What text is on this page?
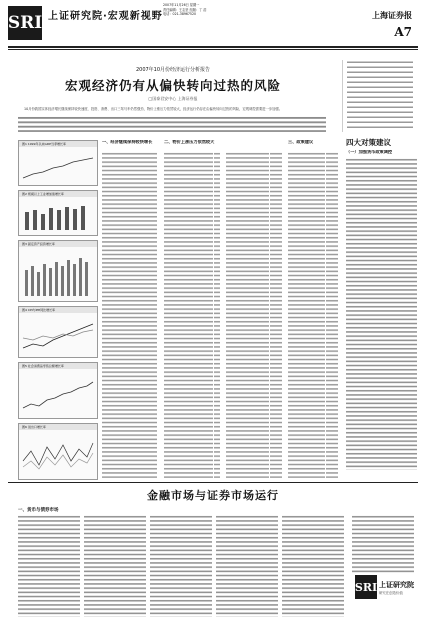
SRI 上证研究院·宏观新视野
2007年11月26日 星期一
责任编辑：王志坚 组版：丁 浩
电话：021-38967520	上海证券报
A7
2007年10月份经济运行分析报告
宏观经济仍有从偏快转向过热的风险
□国泰君安中心 上海证券报

10月份我国实体经济增长继续保持较快速度，投资、消费、出口三驾马车仍然强劲，物价上涨压力依然较大，经济运行仍存在由偏快转向过热的风险，宏观调控需要进一步加强。

图1 1999年以来GDP当季增长率
图2 规模以上工业增加值增长率
图3 固定资产投资增长率
图4 CPI与PPI同比增长率
图5 社会消费品零售总额增长率
图6 进出口增长率

一、经济继续保持较快增长	二、物价上涨压力依然较大	三、政策建议	四大对策建议

（一）加强货币政策调控

金融市场与证券市场运行
一、货币与债券市场
SRI 上证研究院
研究在创造价值
